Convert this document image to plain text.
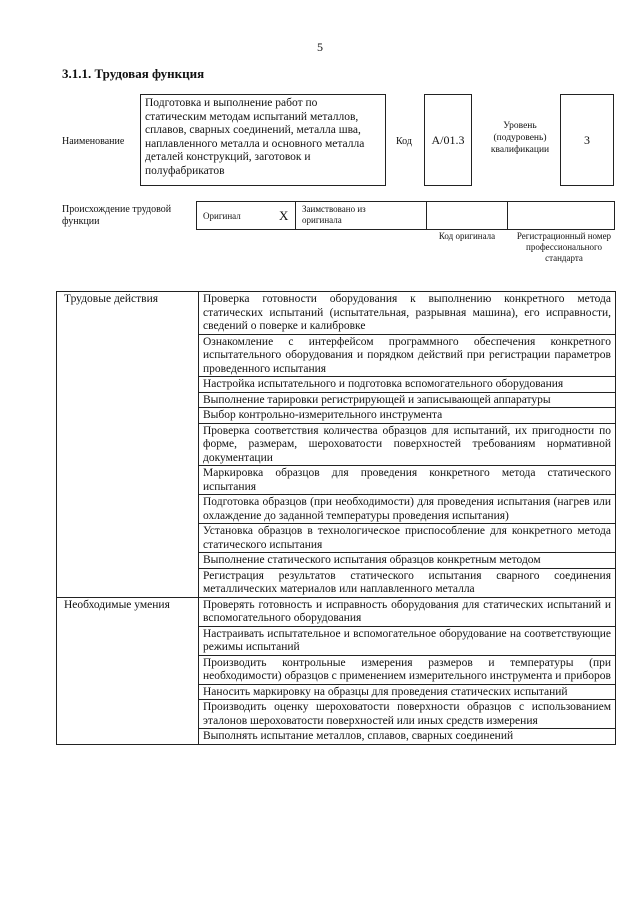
5
3.1.1. Трудовая функция
Наименование
Подготовка и выполнение работ по статическим методам испытаний металлов, сплавов, сварных соединений, металла шва, наплавленного металла и основного металла деталей конструкций, заготовок и полуфабрикатов
Код	А/01.3
Уровень (подуровень) квалификации
3
Происхождение трудовой функции	Оригинал	X Заимствовано из оригинала
Код оригинала	Регистрационный номер профессионального стандарта
Трудовые действия	Проверка готовности оборудования к выполнению конкретного метода статических испытаний (испытательная, разрывная машина), его исправности, сведений о поверке и калибровке
	Ознакомление с интерфейсом программного обеспечения конкретного испытательного оборудования и порядком действий при регистрации параметров проведенного испытания
	Настройка испытательного и подготовка вспомогательного оборудования
	Выполнение тарировки регистрирующей и записывающей аппаратуры
	Выбор контрольно-измерительного инструмента
	Проверка соответствия количества образцов для испытаний, их пригодности по форме, размерам, шероховатости поверхностей требованиям нормативной документации
	Маркировка образцов для проведения конкретного метода статического испытания
	Подготовка образцов (при необходимости) для проведения испытания (нагрев или охлаждение до заданной температуры проведения испытания)
	Установка образцов в технологическое приспособление для конкретного метода статического испытания
	Выполнение статического испытания образцов конкретным методом
	Регистрация результатов статического испытания сварного соединения металлических материалов или наплавленного металла
Необходимые умения	Проверять готовность и исправность оборудования для статических испытаний и вспомогательного оборудования
	Настраивать испытательное и вспомогательное оборудование на соответствующие режимы испытаний
	Производить контрольные измерения размеров и температуры (при необходимости) образцов с применением измерительного инструмента и приборов
	Наносить маркировку на образцы для проведения статических испытаний
	Производить оценку шероховатости поверхности образцов с использованием эталонов шероховатости поверхностей или иных средств измерения
	Выполнять испытание металлов, сплавов, сварных соединений
